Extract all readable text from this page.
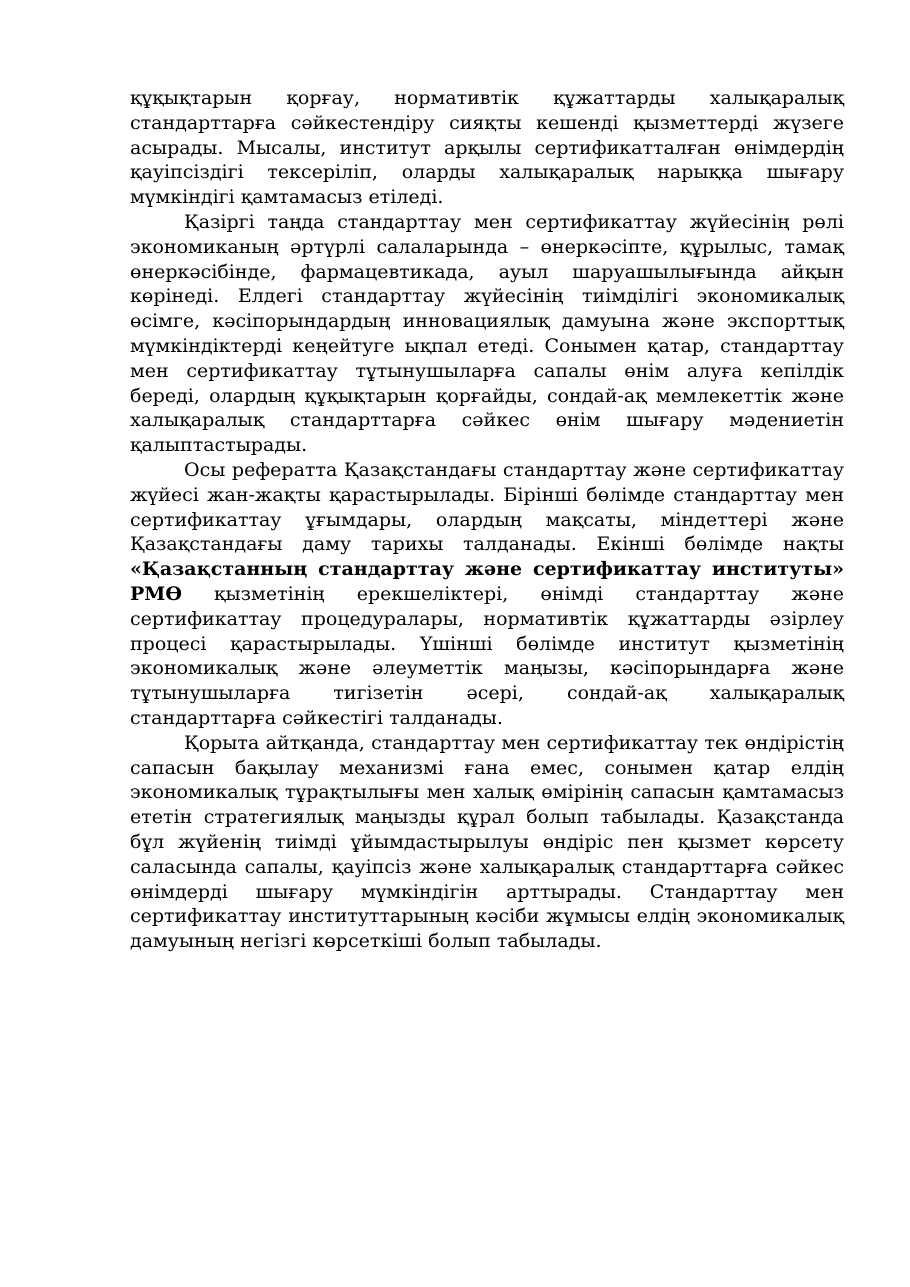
құқықтарын қорғау, нормативтік құжаттарды халықаралық стандарттарға сәйкестендіру сияқты кешенді қызметтерді жүзеге асырады. Мысалы, институт арқылы сертификатталған өнімдердің қауіпсіздігі тексеріліп, оларды халықаралық нарыққа шығару мүмкіндігі қамтамасыз етіледі.

Қазіргі таңда стандарттау мен сертификаттау жүйесінің рөлі экономиканың әртүрлі салаларында – өнеркәсіпте, құрылыс, тамақ өнеркәсібінде, фармацевтикада, ауыл шаруашылығында айқын көрінеді. Елдегі стандарттау жүйесінің тиімділігі экономикалық өсімге, кәсіпорындардың инновациялық дамуына және экспорттық мүмкіндіктерді кеңейтуге ықпал етеді. Сонымен қатар, стандарттау мен сертификаттау тұтынушыларға сапалы өнім алуға кепілдік береді, олардың құқықтарын қорғайды, сондай-ақ мемлекеттік және халықаралық стандарттарға сәйкес өнім шығару мәдениетін қалыптастырады.

Осы рефератта Қазақстандағы стандарттау және сертификаттау жүйесі жан-жақты қарастырылады. Бірінші бөлімде стандарттау мен сертификаттау ұғымдары, олардың мақсаты, міндеттері және Қазақстандағы даму тарихы талданады. Екінші бөлімде нақты «Қазақстанның стандарттау және сертификаттау институты» РМӨ қызметінің ерекшеліктері, өнімді стандарттау және сертификаттау процедуралары, нормативтік құжаттарды әзірлеу процесі қарастырылады. Үшінші бөлімде институт қызметінің экономикалық және әлеуметтік маңызы, кәсіпорындарға және тұтынушыларға тигізетін әсері, сондай-ақ халықаралық стандарттарға сәйкестігі талданады.

Қорыта айтқанда, стандарттау мен сертификаттау тек өндірістің сапасын бақылау механизмі ғана емес, сонымен қатар елдің экономикалық тұрақтылығы мен халық өмірінің сапасын қамтамасыз ететін стратегиялық маңызды құрал болып табылады. Қазақстанда бұл жүйенің тиімді ұйымдастырылуы өндіріс пен қызмет көрсету саласында сапалы, қауіпсіз және халықаралық стандарттарға сәйкес өнімдерді шығару мүмкіндігін арттырады. Стандарттау мен сертификаттау институттарының кәсіби жұмысы елдің экономикалық дамуының негізгі көрсеткіші болып табылады.
